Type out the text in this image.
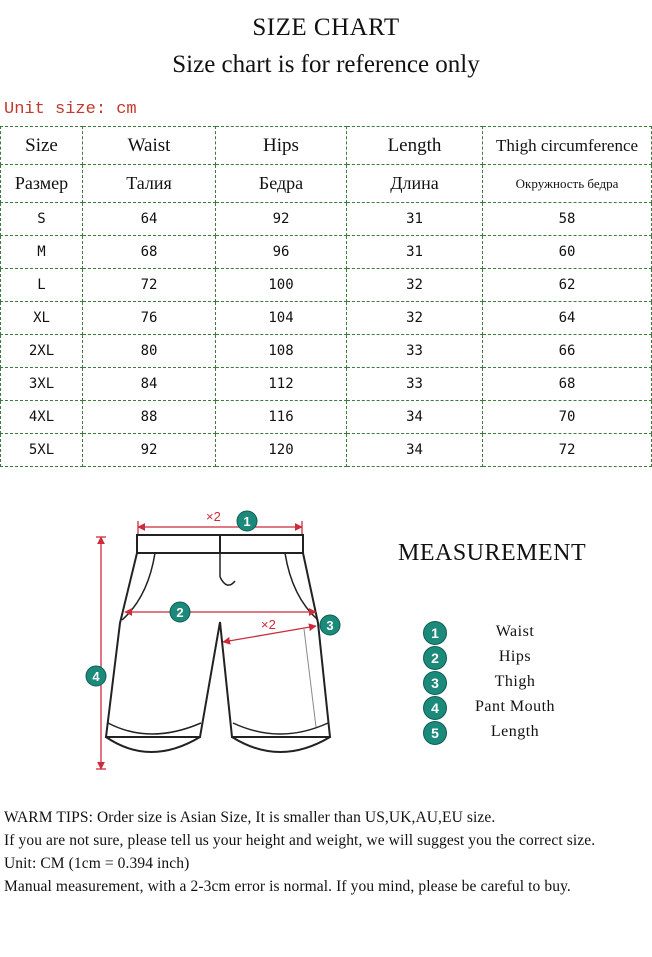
SIZE CHART
Size chart is for reference only
Unit size: cm
Size	Waist	Hips	Length	Thigh circumference
Размер	Талия	Бедра	Длина	Окружность бедра
S	64	92	31	58
M	68	96	31	60
L	72	100	32	62
XL	76	104	32	64
2XL	80	108	33	66
3XL	84	112	33	68
4XL	88	116	34	70
5XL	92	120	34	72
×2
×2
1
2
3
4
MEASUREMENT
1	Waist
2	Hips
3	Thigh
4	Pant Mouth
5	Length

WARM TIPS: Order size is Asian Size, It is smaller than US,UK,AU,EU size.

If you are not sure, please tell us your height and weight, we will suggest you the correct size.

Unit: CM (1cm = 0.394 inch)

Manual measurement, with a 2-3cm error is normal. If you mind, please be careful to buy.
